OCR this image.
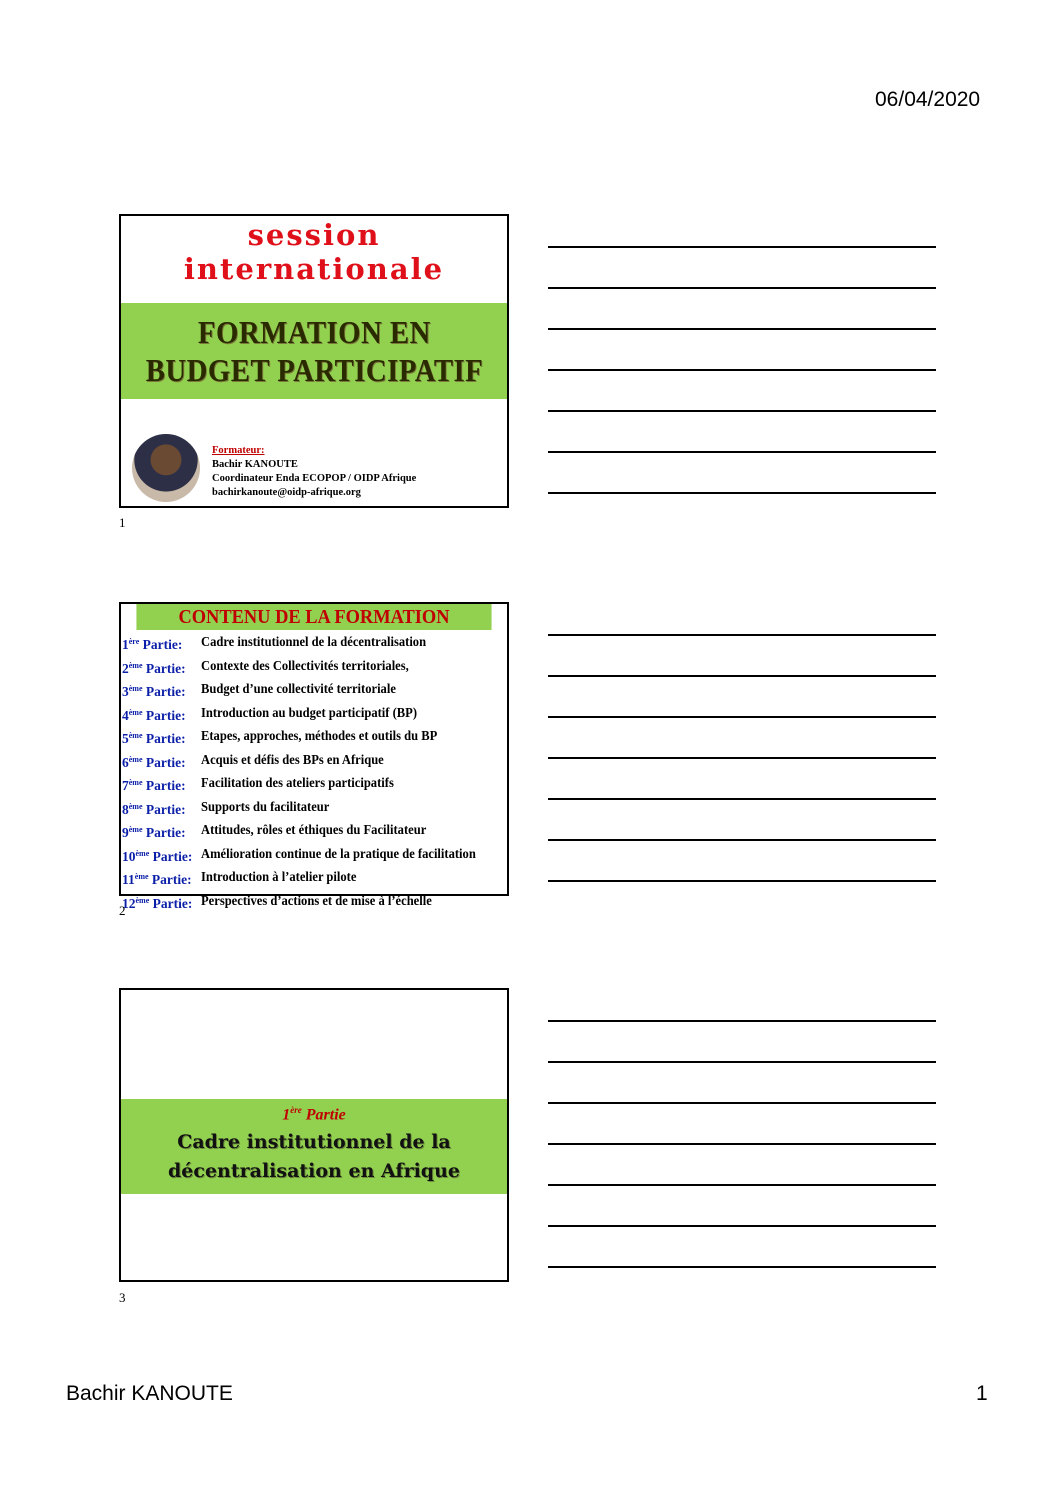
06/04/2020
session internationale
FORMATION EN
BUDGET PARTICIPATIF
Formateur:
Bachir KANOUTE
Coordinateur Enda ECOPOP / OIDP Afrique
bachirkanoute@oidp-afrique.org
1
CONTENU DE LA FORMATION
1ère Partie:	Cadre institutionnel de la décentralisation
2ème Partie:	Contexte des Collectivités territoriales,
3ème Partie:	Budget d’une collectivité territoriale
4ème Partie:	Introduction au budget participatif (BP)
5ème Partie:	Etapes, approches, méthodes et outils du BP
6ème Partie:	Acquis et défis des BPs en Afrique
7ème Partie:	Facilitation des ateliers participatifs
8ème Partie:	Supports du facilitateur
9ème Partie:	Attitudes, rôles et éthiques du Facilitateur
10ème Partie: Amélioration continue de la pratique de facilitation
11ème Partie: Introduction à l’atelier pilote
12ème Partie: Perspectives d’actions et de mise à l’échelle
2
1ère Partie
Cadre institutionnel de la
décentralisation en Afrique
3
Bachir KANOUTE	1
